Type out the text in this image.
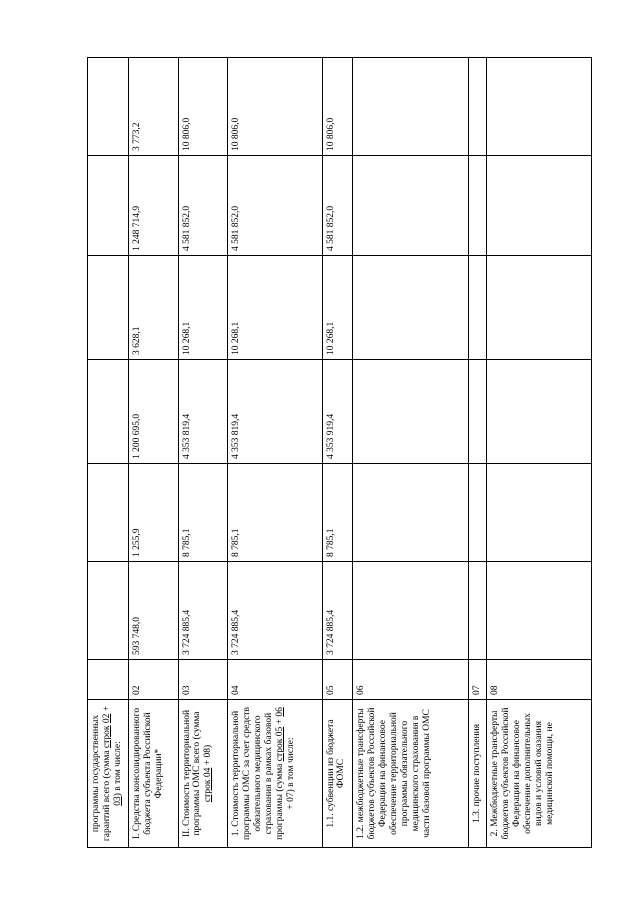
программы государственных гарантий всего (сумма строк 02 + 03) в том числе:							
I. Средства консолидированного бюджета субъекта Российской Федерации*	02	593 748,0	1 255,9	1 200 695,0	3 628,1	1 248 714,9	3 773,2
II. Стоимость территориальной программы ОМС всего (сумма строк 04 + 08)	03	3 724 885,4	8 785,1	4 353 819,4	10 268,1	4 581 852,0	10 806,0
1. Стоимость территориальной программы ОМС за счет средств обязательного медицинского страхования в рамках базовой программы (сумма строк 05 + 06 + 07) в том числе:	04	3 724 885,4	8 785,1	4 353 819,4	10 268,1	4 581 852,0	10 806,0
1.1. субвенции из бюджета ФОМС	05	3 724 885,4	8 785,1	4 353 919,4	10 268,1	4 581 852,0	10 806,0
1.2. межбюджетные трансферты бюджетов субъектов Российской Федерации на финансовое обеспечение территориальной программы обязательного медицинского страхования в части базовой программы ОМС	06						
1.3. прочие поступления	07						
2. Межбюджетные трансферты бюджетов субъектов Российской Федерации на финансовое обеспечение дополнительных видов и условий оказания медицинской помощи, не	08						
